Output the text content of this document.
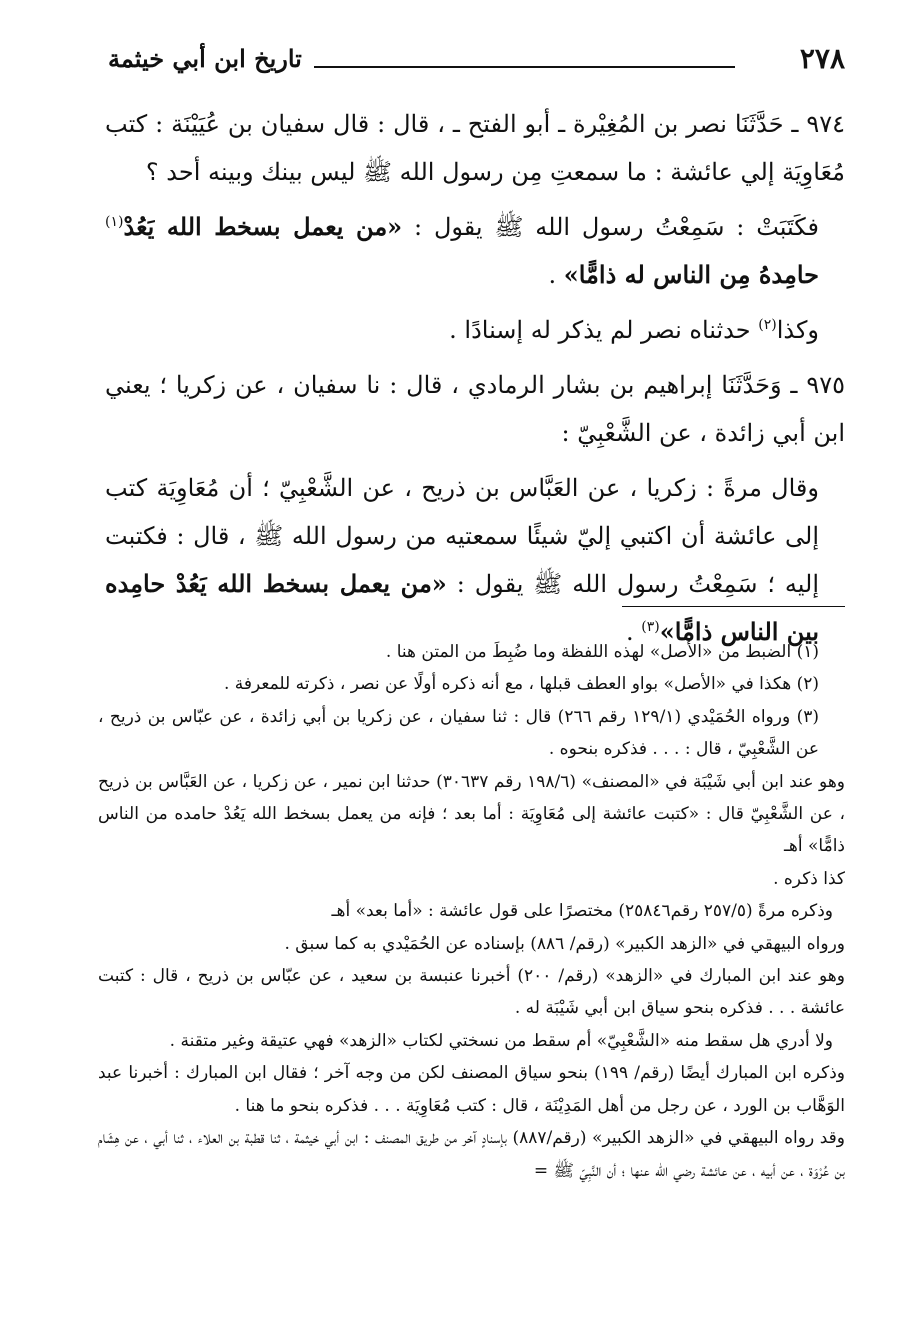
٢٧٨
تاريخ ابن أبي خيثمة

٩٧٤ ـ حَدَّثَنَا نصر بن المُغِيْرة ـ أبو الفتح ـ ، قال : قال سفيان بن عُيَيْنَة : كتب مُعَاوِيَة إلي عائشة : ما سمعتِ مِن رسول الله ﷺ ليس بينك وبينه أحد ؟

فكَتَبَتْ : سَمِعْتُ رسول الله ﷺ يقول : «من يعمل بسخط الله يَعُدْ$^{(١)}$ حامِدهُ مِن الناس له ذامًّا» .

وكذا$^{(٢)}$ حدثناه نصر لم يذكر له إسنادًا .

٩٧٥ ـ وَحَدَّثَنَا إبراهيم بن بشار الرمادي ، قال : نا سفيان ، عن زكريا ؛ يعني ابن أبي زائدة ، عن الشَّعْبِيّ :

وقال مرةً : زكريا ، عن العَبَّاس بن ذريح ، عن الشَّعْبِيّ ؛ أن مُعَاوِيَة كتب إلى عائشة أن اكتبي إليّ شيئًا سمعتيه من رسول الله ﷺ ، قال : فكتبت إليه ؛ سَمِعْتُ رسول الله ﷺ يقول : «من يعمل بسخط الله يَعُدْ حامِده بين الناس ذامًّا»$^{(٣)}$ .

(١) الضبط من «الأصل» لهذه اللفظة وما ضُبِطَ من المتن هنا .

(٢) هكذا في «الأصل» بواو العطف قبلها ، مع أنه ذكره أولًا عن نصر ، ذكرته للمعرفة .

(٣) ورواه الحُمَيْدي (١٢٩/١ رقم ٢٦٦) قال : ثنا سفيان ، عن زكريا بن أبي زائدة ، عن عبّاس بن ذريح ، عن الشَّعْبِيّ ، قال : . . . فذكره بنحوه .

وهو عند ابن أبي شَيْبَة في «المصنف» (١٩٨/٦ رقم ٣٠٦٣٧) حدثنا ابن نمير ، عن زكريا ، عن العَبَّاس بن ذريح ، عن الشَّعْبِيّ قال : «كتبت عائشة إلى مُعَاوِيَة : أما بعد ؛ فإنه من يعمل بسخط الله يَعُدْ حامده من الناس ذامًّا» أهـ

كذا ذكره .

وذكره مرةً (٢٥٧/٥ رقم٢٥٨٤٦) مختصرًا على قول عائشة : «أما بعد» أهـ

ورواه البيهقي في «الزهد الكبير» (رقم/ ٨٨٦) بإسناده عن الحُمَيْدي به كما سبق .

وهو عند ابن المبارك في «الزهد» (رقم/ ٢٠٠) أخبرنا عنبسة بن سعيد ، عن عبّاس بن ذريح ، قال : كتبت عائشة . . . فذكره بنحو سياق ابن أبي شَيْبَة له .

ولا أدري هل سقط منه «الشَّعْبِيّ» أم سقط من نسختي لكتاب «الزهد» فهي عتيقة وغير متقنة .

وذكره ابن المبارك أيضًا (رقم/ ١٩٩) بنحو سياق المصنف لكن من وجه آخر ؛ فقال ابن المبارك : أخبرنا عبد الوَهَّاب بن الورد ، عن رجل من أهل المَدِيْنَة ، قال : كتب مُعَاوِيَة . . . فذكره بنحو ما هنا .

وقد رواه البيهقي في «الزهد الكبير» (رقم/٨٨٧) بإسنادٍ آخر من طريق المصنف : ابن أبي خيثمة ، ثنا قطبة بن العلاء ، ثنا أبي ، عن هِشَام بن عُرْوَة ، عن أبيه ، عن عائشة رضي الله عنها ؛ أن النَّبِيّ ﷺ =
